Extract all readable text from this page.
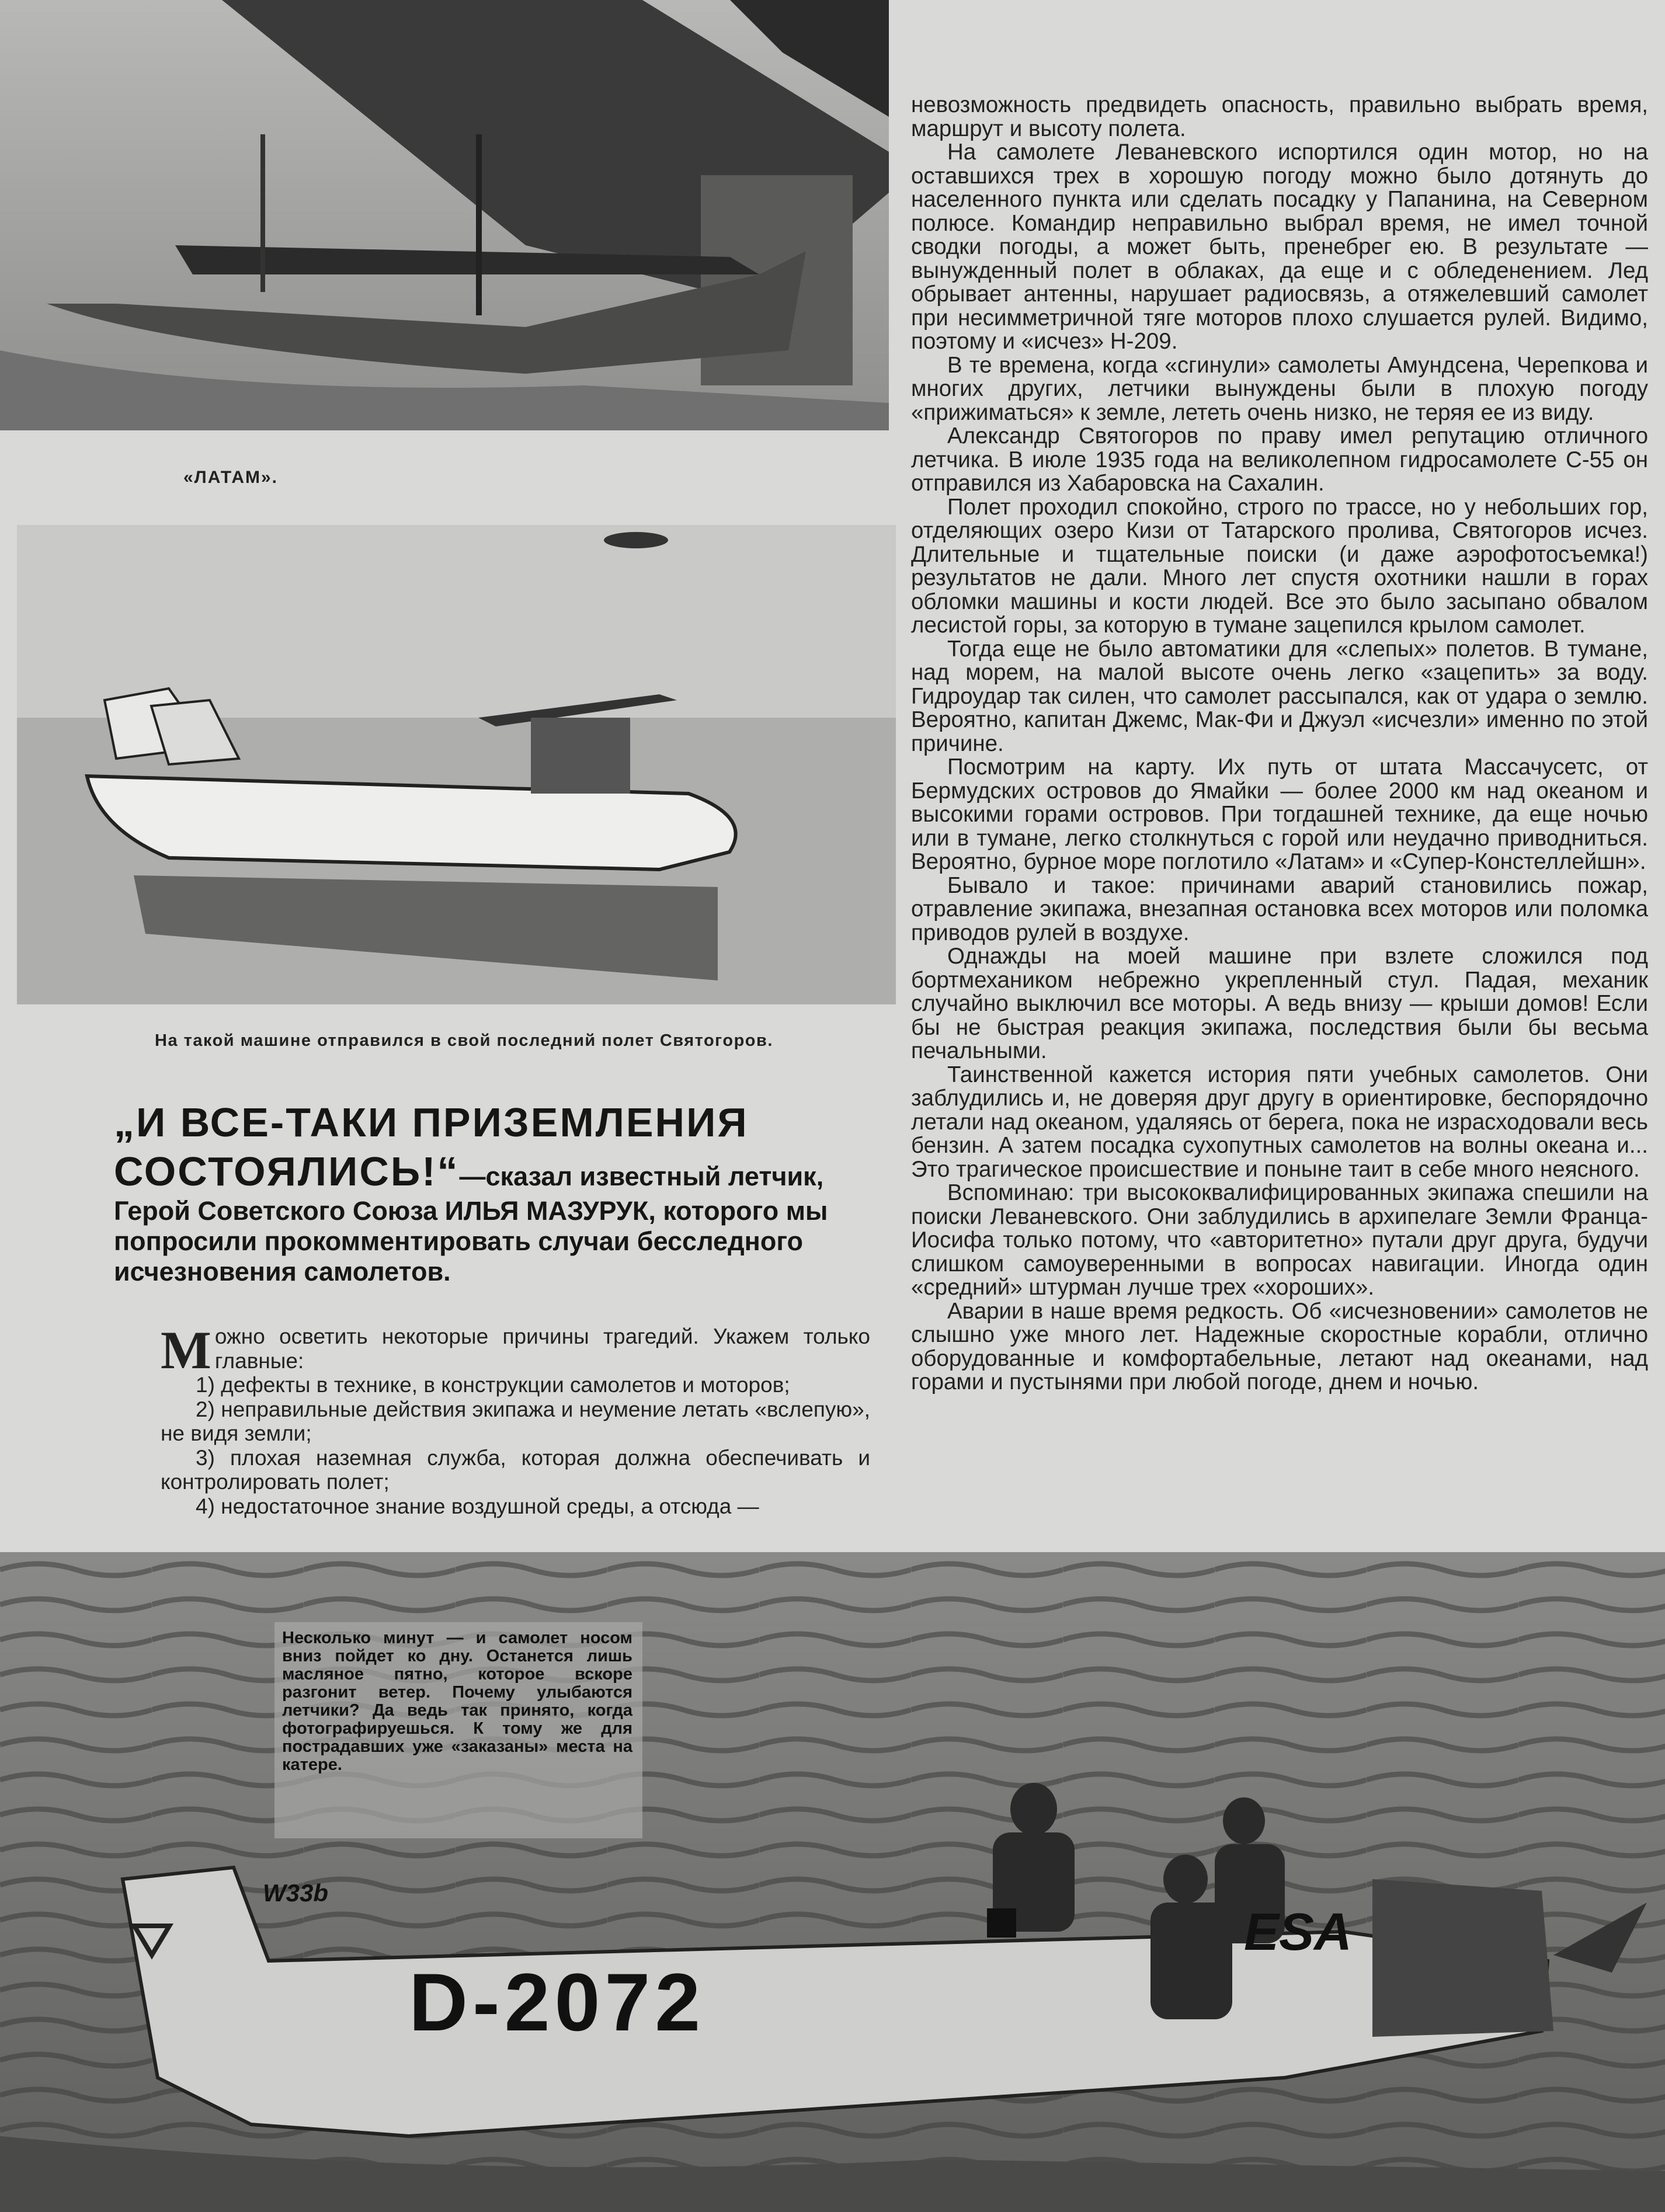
«ЛАТАМ».
На такой машине отправился в свой последний полет Святогоров.
„И ВСЕ-ТАКИ ПРИЗЕМЛЕНИЯ СОСТОЯЛИСЬ!“—сказал известный летчик, Герой Советского Союза ИЛЬЯ МАЗУРУК, которого мы попросили прокомментировать случаи бесследного исчезновения самолетов.

Можно осветить некоторые причины трагедий. Укажем только главные:

1) дефекты в технике, в конструкции самолетов и моторов;

2) неправильные действия экипажа и неумение летать «вслепую», не видя земли;

3) плохая наземная служба, которая должна обеспечивать и контролировать полет;

4) недостаточное знание воздушной среды, а отсюда —

невозможность предвидеть опасность, правильно выбрать время, маршрут и высоту полета.

На самолете Леваневского испортился один мотор, но на оставшихся трех в хорошую погоду можно было дотянуть до населенного пункта или сделать посадку у Папанина, на Северном полюсе. Командир неправильно выбрал время, не имел точной сводки погоды, а может быть, пренебрег ею. В результате — вынужденный полет в облаках, да еще и с обледенением. Лед обрывает антенны, нарушает радиосвязь, а отяжелевший самолет при несимметричной тяге моторов плохо слушается рулей. Видимо, поэтому и «исчез» Н-209.

В те времена, когда «сгинули» самолеты Амундсена, Черепкова и многих других, летчики вынуждены были в плохую погоду «прижиматься» к земле, лететь очень низко, не теряя ее из виду.

Александр Святогоров по праву имел репутацию отличного летчика. В июле 1935 года на великолепном гидросамолете С-55 он отправился из Хабаровска на Сахалин.

Полет проходил спокойно, строго по трассе, но у небольших гор, отделяющих озеро Кизи от Татарского пролива, Святогоров исчез. Длительные и тщательные поиски (и даже аэрофотосъемка!) результатов не дали. Много лет спустя охотники нашли в горах обломки машины и кости людей. Все это было засыпано обвалом лесистой горы, за которую в тумане зацепился крылом самолет.

Тогда еще не было автоматики для «слепых» полетов. В тумане, над морем, на малой высоте очень легко «зацепить» за воду. Гидроудар так силен, что самолет рассыпался, как от удара о землю. Вероятно, капитан Джемс, Мак-Фи и Джуэл «исчезли» именно по этой причине.

Посмотрим на карту. Их путь от штата Массачусетс, от Бермудских островов до Ямайки — более 2000 км над океаном и высокими горами островов. При тогдашней технике, да еще ночью или в тумане, легко столкнуться с горой или неудачно приводниться. Вероятно, бурное море поглотило «Латам» и «Супер-Констеллейшн».

Бывало и такое: причинами аварий становились пожар, отравление экипажа, внезапная остановка всех моторов или поломка приводов рулей в воздухе.

Однажды на моей машине при взлете сложился под бортмехаником небрежно укрепленный стул. Падая, механик случайно выключил все моторы. А ведь внизу — крыши домов! Если бы не быстрая реакция экипажа, последствия были бы весьма печальными.

Таинственной кажется история пяти учебных самолетов. Они заблудились и, не доверяя друг другу в ориентировке, беспорядочно летали над океаном, удаляясь от берега, пока не израсходовали весь бензин. А затем посадка сухопутных самолетов на волны океана и... Это трагическое происшествие и поныне таит в себе много неясного.

Вспоминаю: три высококвалифицированных экипажа спешили на поиски Леваневского. Они заблудились в архипелаге Земли Франца-Иосифа только потому, что «авторитетно» путали друг друга, будучи слишком самоуверенными в вопросах навигации. Иногда один «средний» штурман лучше трех «хороших».

Аварии в наше время редкость. Об «исчезновении» самолетов не слышно уже много лет. Надежные скоростные корабли, отлично оборудованные и комфортабельные, летают над океанами, над горами и пустынями при любой погоде, днем и ночью.

D-2072
ESA
W33b
Несколько минут — и самолет носом вниз пойдет ко дну. Останется лишь масляное пятно, которое вскоре разгонит ветер. Почему улыбаются летчики? Да ведь так принято, когда фотографируешься. К тому же для пострадавших уже «заказаны» места на катере.
